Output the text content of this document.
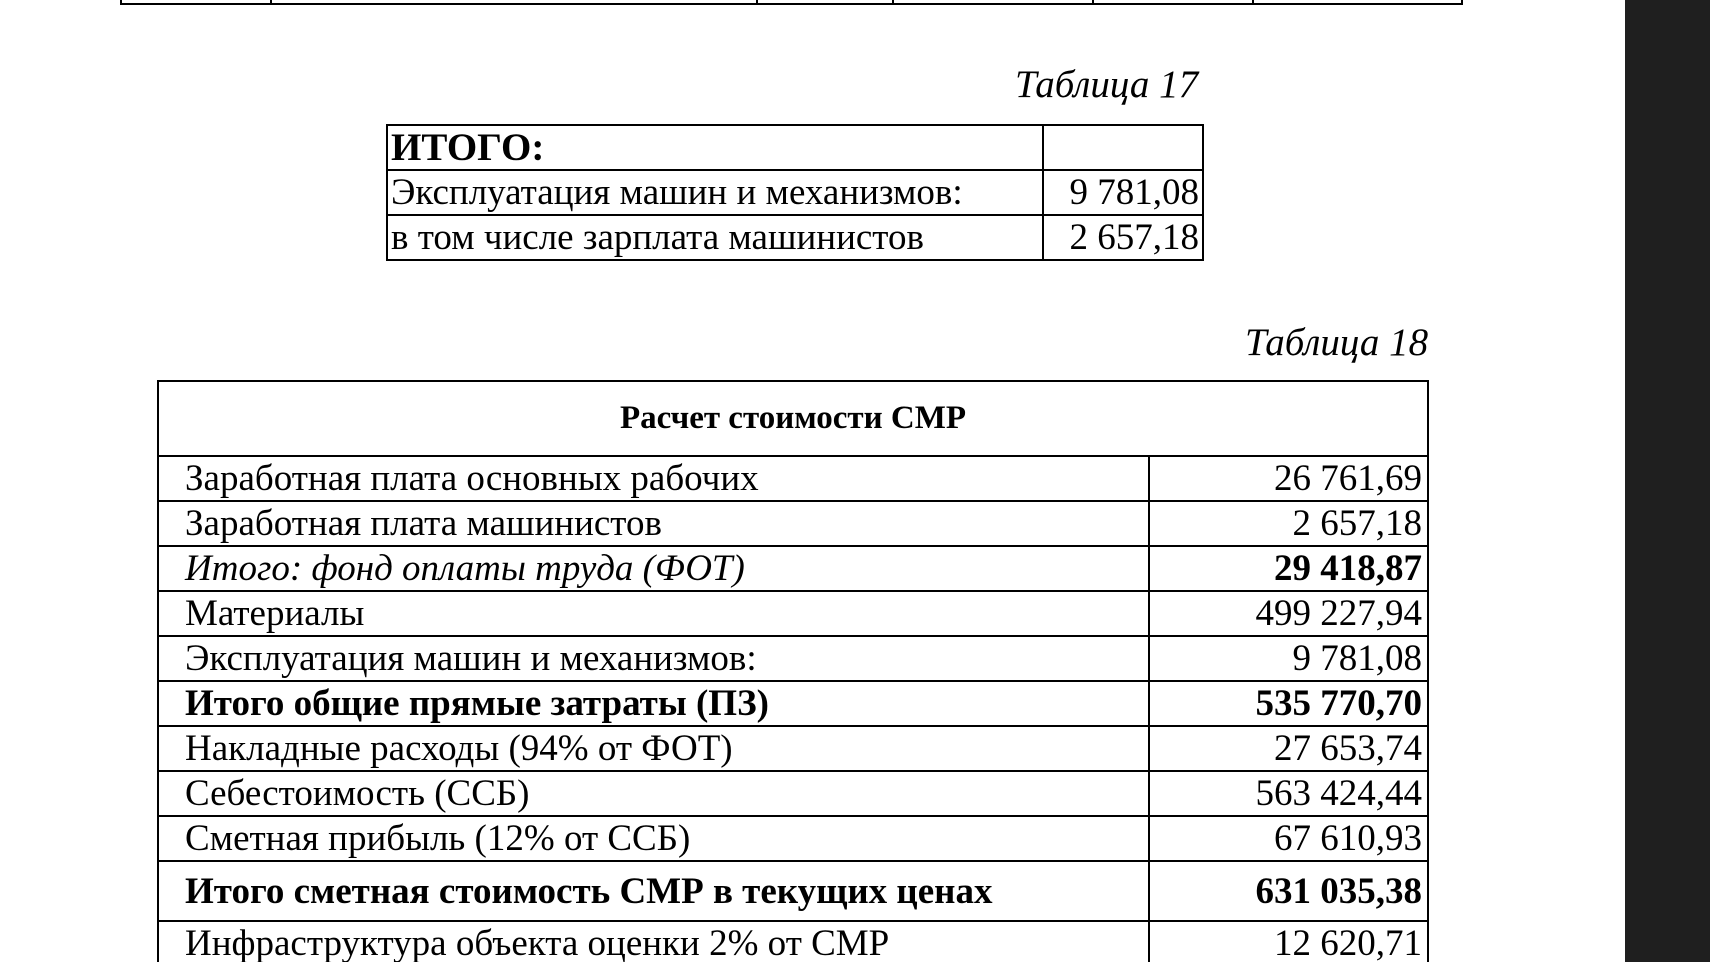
Таблица 17
ИТОГО:	
Эксплуатация машин и механизмов:	9 781,08
в том числе зарплата машинистов	2 657,18
Таблица 18
Расчет стоимости СМР	
Заработная плата основных рабочих	26 761,69
Заработная плата машинистов	2 657,18
Итого: фонд оплаты труда (ФОТ)	29 418,87
Материалы	499 227,94
Эксплуатация машин и механизмов:	9 781,08
Итого общие прямые затраты (ПЗ)	535 770,70
Накладные расходы (94% от ФОТ)	27 653,74
Себестоимость (ССБ)	563 424,44
Сметная прибыль (12% от ССБ)	67 610,93
Итого сметная стоимость СМР в текущих ценах	631 035,38
Инфраструктура объекта оценки 2% от СМР	12 620,71
